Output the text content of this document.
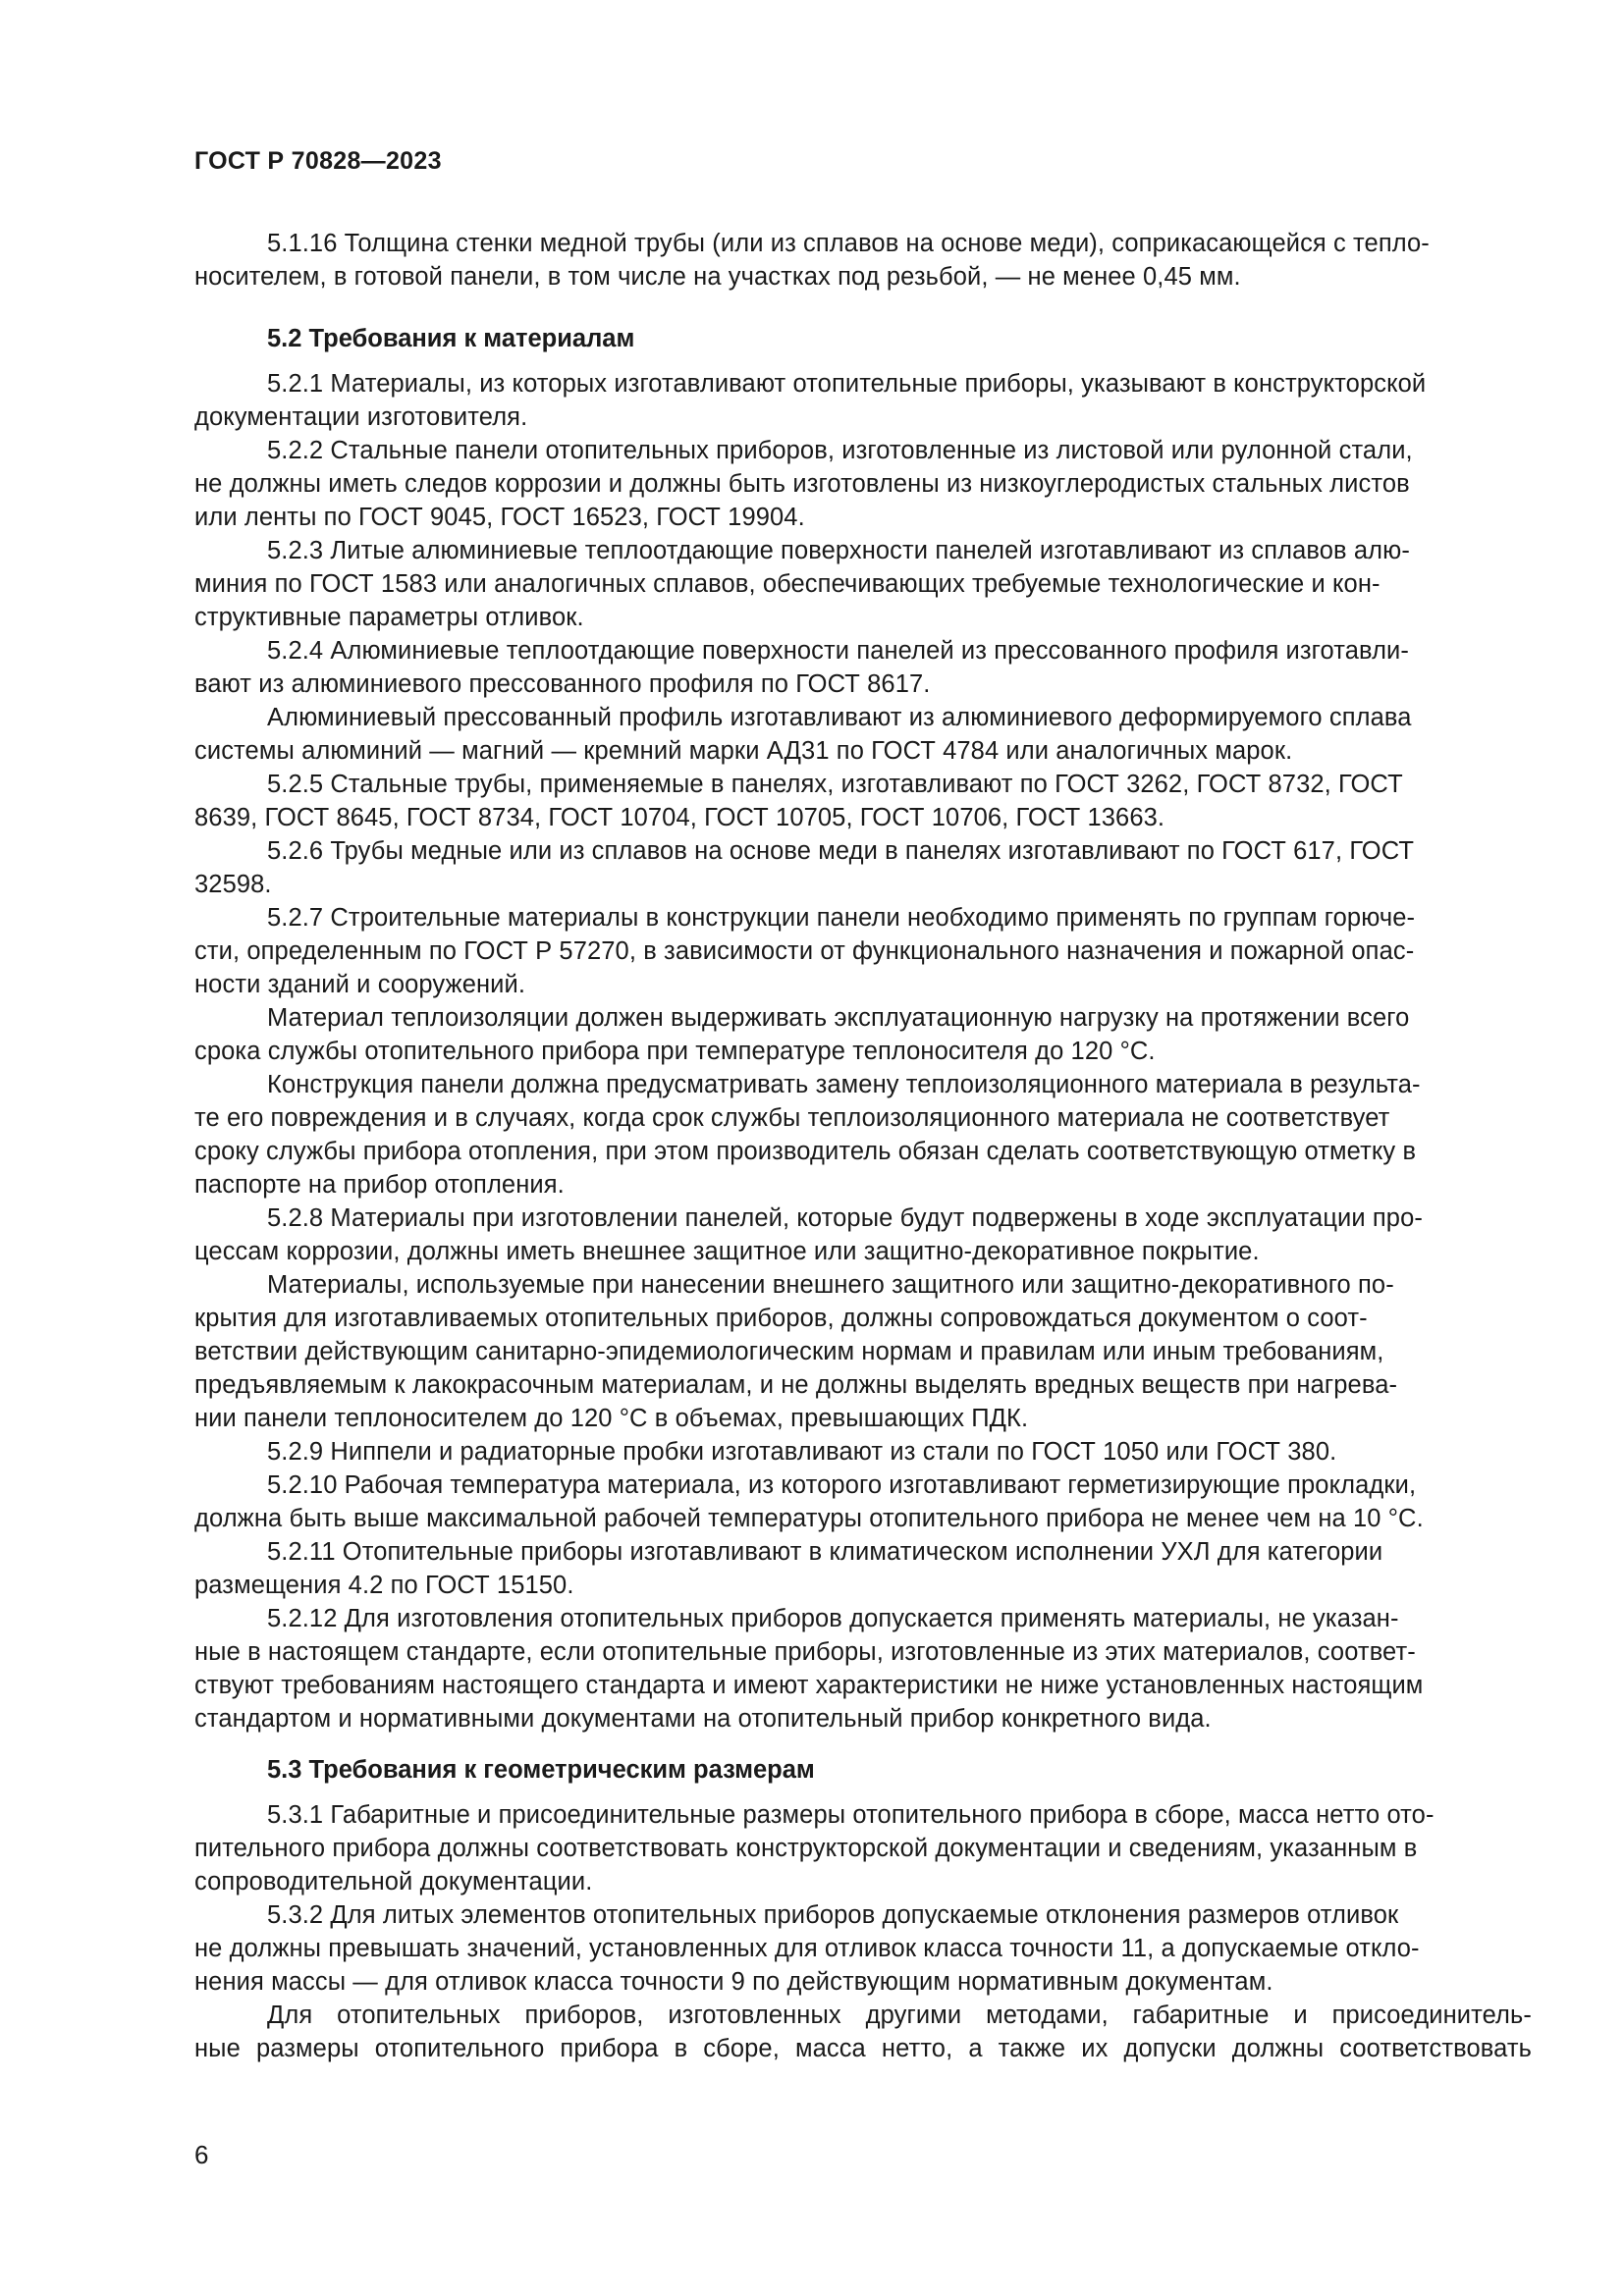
ГОСТ Р 70828—2023

5.1.16 Толщина стенки медной трубы (или из сплавов на основе меди), соприкасающейся с тепло-
носителем, в готовой панели, в том числе на участках под резьбой, — не менее 0,45 мм.

5.2 Требования к материалам

5.2.1 Материалы, из которых изготавливают отопительные приборы, указывают в конструкторской
документации изготовителя.

5.2.2 Стальные панели отопительных приборов, изготовленные из листовой или рулонной стали,
не должны иметь следов коррозии и должны быть изготовлены из низкоуглеродистых стальных листов
или ленты по ГОСТ 9045, ГОСТ 16523, ГОСТ 19904.

5.2.3 Литые алюминиевые теплоотдающие поверхности панелей изготавливают из сплавов алю-
миния по ГОСТ 1583 или аналогичных сплавов, обеспечивающих требуемые технологические и кон-
структивные параметры отливок.

5.2.4 Алюминиевые теплоотдающие поверхности панелей из прессованного профиля изготавли-
вают из алюминиевого прессованного профиля по ГОСТ 8617.

Алюминиевый прессованный профиль изготавливают из алюминиевого деформируемого сплава
системы алюминий — магний — кремний марки АД31 по ГОСТ 4784 или аналогичных марок.

5.2.5 Стальные трубы, применяемые в панелях, изготавливают по ГОСТ 3262, ГОСТ 8732, ГОСТ
8639, ГОСТ 8645, ГОСТ 8734, ГОСТ 10704, ГОСТ 10705, ГОСТ 10706, ГОСТ 13663.

5.2.6 Трубы медные или из сплавов на основе меди в панелях изготавливают по ГОСТ 617, ГОСТ
32598.

5.2.7 Строительные материалы в конструкции панели необходимо применять по группам горюче-
сти, определенным по ГОСТ Р 57270, в зависимости от функционального назначения и пожарной опас-
ности зданий и сооружений.

Материал теплоизоляции должен выдерживать эксплуатационную нагрузку на протяжении всего
срока службы отопительного прибора при температуре теплоносителя до 120 °С.

Конструкция панели должна предусматривать замену теплоизоляционного материала в результа-
те его повреждения и в случаях, когда срок службы теплоизоляционного материала не соответствует
сроку службы прибора отопления, при этом производитель обязан сделать соответствующую отметку в
паспорте на прибор отопления.

5.2.8 Материалы при изготовлении панелей, которые будут подвержены в ходе эксплуатации про-
цессам коррозии, должны иметь внешнее защитное или защитно-декоративное покрытие.

Материалы, используемые при нанесении внешнего защитного или защитно-декоративного по-
крытия для изготавливаемых отопительных приборов, должны сопровождаться документом о соот-
ветствии действующим санитарно-эпидемиологическим нормам и правилам или иным требованиям,
предъявляемым к лакокрасочным материалам, и не должны выделять вредных веществ при нагрева-
нии панели теплоносителем до 120 °С в объемах, превышающих ПДК.

5.2.9 Ниппели и радиаторные пробки изготавливают из стали по ГОСТ 1050 или ГОСТ 380.

5.2.10 Рабочая температура материала, из которого изготавливают герметизирующие прокладки,
должна быть выше максимальной рабочей температуры отопительного прибора не менее чем на 10 °С.

5.2.11 Отопительные приборы изготавливают в климатическом исполнении УХЛ для категории
размещения 4.2 по ГОСТ 15150.

5.2.12 Для изготовления отопительных приборов допускается применять материалы, не указан-
ные в настоящем стандарте, если отопительные приборы, изготовленные из этих материалов, соответ-
ствуют требованиям настоящего стандарта и имеют характеристики не ниже установленных настоящим
стандартом и нормативными документами на отопительный прибор конкретного вида.

5.3 Требования к геометрическим размерам

5.3.1 Габаритные и присоединительные размеры отопительного прибора в сборе, масса нетто ото-
пительного прибора должны соответствовать конструкторской документации и сведениям, указанным в
сопроводительной документации.

5.3.2 Для литых элементов отопительных приборов допускаемые отклонения размеров отливок
не должны превышать значений, установленных для отливок класса точности 11, а допускаемые откло-
нения массы — для отливок класса точности 9 по действующим нормативным документам.

Для отопительных приборов, изготовленных другими методами, габаритные и присоединитель-
ные размеры отопительного прибора в сборе, масса нетто, а также их допуски должны соответствовать

6
